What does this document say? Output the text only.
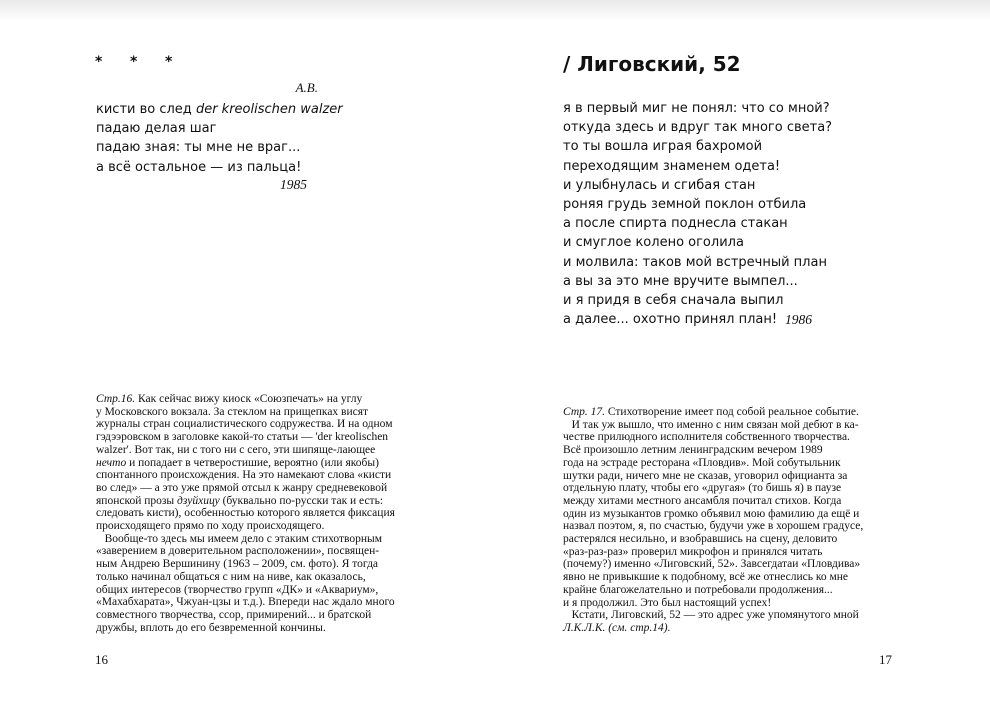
* * *
А.В.
кисти во след der kreolischen walzer
падаю делая шаг
падаю зная: ты мне не враг...
а всё остальное — из пальца!
1985
Стр.16. Как сейчас вижу киоск «Союзпечать» на углу
у Московского вокзала. За стеклом на прищепках висят
журналы стран социалистического содружества. И на одном
гэдээровском в заголовке какой-то статьи — 'der kreolischen
walzer'. Вот так, ни с того ни с сего, эти шипяще-лающее
нечто и попадает в четверостишие, вероятно (или якобы)
спонтанного происхождения. На это намекают слова «кисти
во след» — а это уже прямой отсыл к жанру средневековой
японской прозы дзуйхицу (буквально по-русски так и есть:
следовать кисти), особенностью которого является фиксация
происходящего прямо по ходу происходящего.
Вообще-то здесь мы имеем дело с этаким стихотворным
«заверением в доверительном расположении», посвящен-
ным Андрею Вершинину (1963 – 2009, см. фото). Я тогда
только начинал общаться с ним на ниве, как оказалось,
общих интересов (творчество групп «ДК» и «Аквариум»,
«Махабхарата», Чжуан-цзы и т.д.). Впереди нас ждало много
совместного творчества, ссор, примирений... и братской
дружбы, вплоть до его безвременной кончины.
16
/ Лиговский, 52
я в первый миг не понял: что со мной?
откуда здесь и вдруг так много света?
то ты вошла играя бахромой
переходящим знаменем одета!
и улыбнулась и сгибая стан
роняя грудь земной поклон отбила
а после спирта поднесла стакан
и смуглое колено оголила
и молвила: таков мой встречный план
а вы за это мне вручите вымпел...
и я придя в себя сначала выпил
а далее... охотно принял план! 1986
Стр. 17. Стихотворение имеет под собой реальное событие.
И так уж вышло, что именно с ним связан мой дебют в ка-
честве прилюдного исполнителя собственного творчества.
Всё произошло летним ленинградским вечером 1989
года на эстраде ресторана «Пловдив». Мой собутыльник
шутки ради, ничего мне не сказав, уговорил официанта за
отдельную плату, чтобы его «другая» (то бишь я) в паузе
между хитами местного ансамбля почитал стихов. Когда
один из музыкантов громко объявил мою фамилию да ещё и
назвал поэтом, я, по счастью, будучи уже в хорошем градусе,
растерялся несильно, и взобравшись на сцену, деловито
«раз-раз-раз» проверил микрофон и принялся читать
(почему?) именно «Лиговский, 52». Завсегдатаи «Пловдива»
явно не привыкшие к подобному, всё же отнеслись ко мне
крайне благожелательно и потребовали продолжения...
и я продолжил. Это был настоящий успех!
Кстати, Лиговский, 52 — это адрес уже упомянутого мной
Л.К.Л.К. (см. стр.14).
17
